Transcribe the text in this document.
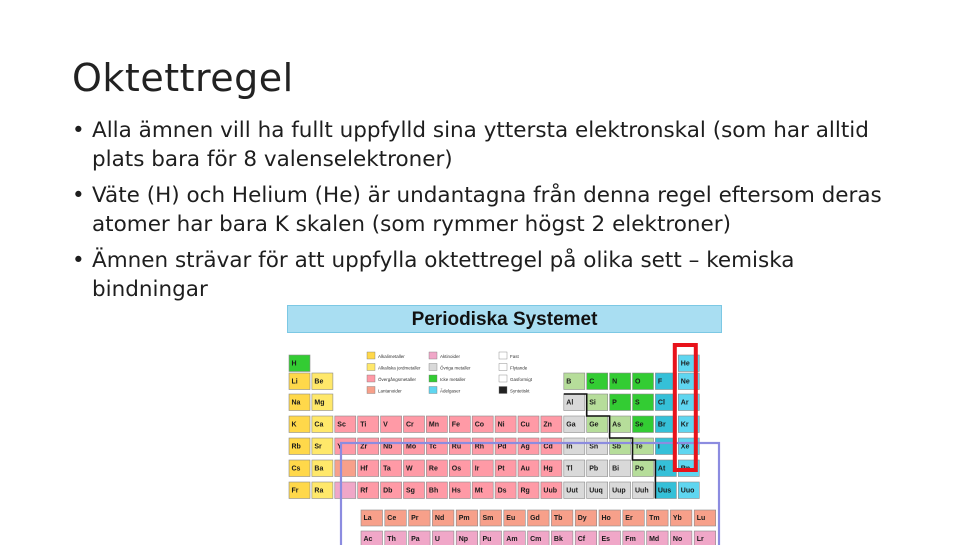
Oktettregel
• Alla ämnen vill ha fullt uppfylld sina yttersta elektronskal (som har alltid plats bara för 8 valenselektroner)
• Väte (H) och Helium (He) är undantagna från denna regel eftersom deras atomer har bara K skalen (som rymmer högst 2 elektroner)
• Ämnen strävar för att uppfylla oktettregel på olika sett – kemiska bindningar
Periodiska Systemet
Alkalimetaller
Alkaliska jordmetaller
Övergångsmetaller
Lantanoider
Aktinoider
Övriga metaller
Icke metaller
Ädelgaser
Fast
Flytande
Gasformigt
Syntetiskt
H	He
Li Be	B	C	N	O F	Ne
Na Mg	Al Si P	S	Cl Ar
K	Ca Sc Ti V	Cr Mn Fe Co Ni Cu Zn Ga Ge As Se Br Kr
Rb Sr Y	Zr Nb Mo Tc Ru Rh Pd Ag Cd In Sn Sb Te I	Xe
Cs Ba	Hf Ta W Re Os Ir	Pt Au Hg Tl Pb Bi Po At Rn
Fr Ra	Rf Db Sg Bh Hs Mt Ds Rg Uub Uut Uuq Uup Uuh Uus Uuo
La Ce Pr Nd Pm Sm Eu Gd Tb Dy Ho Er Tm Yb Lu
Ac Th Pa U	Np Pu Am Cm Bk Cf Es Fm Md No Lr
